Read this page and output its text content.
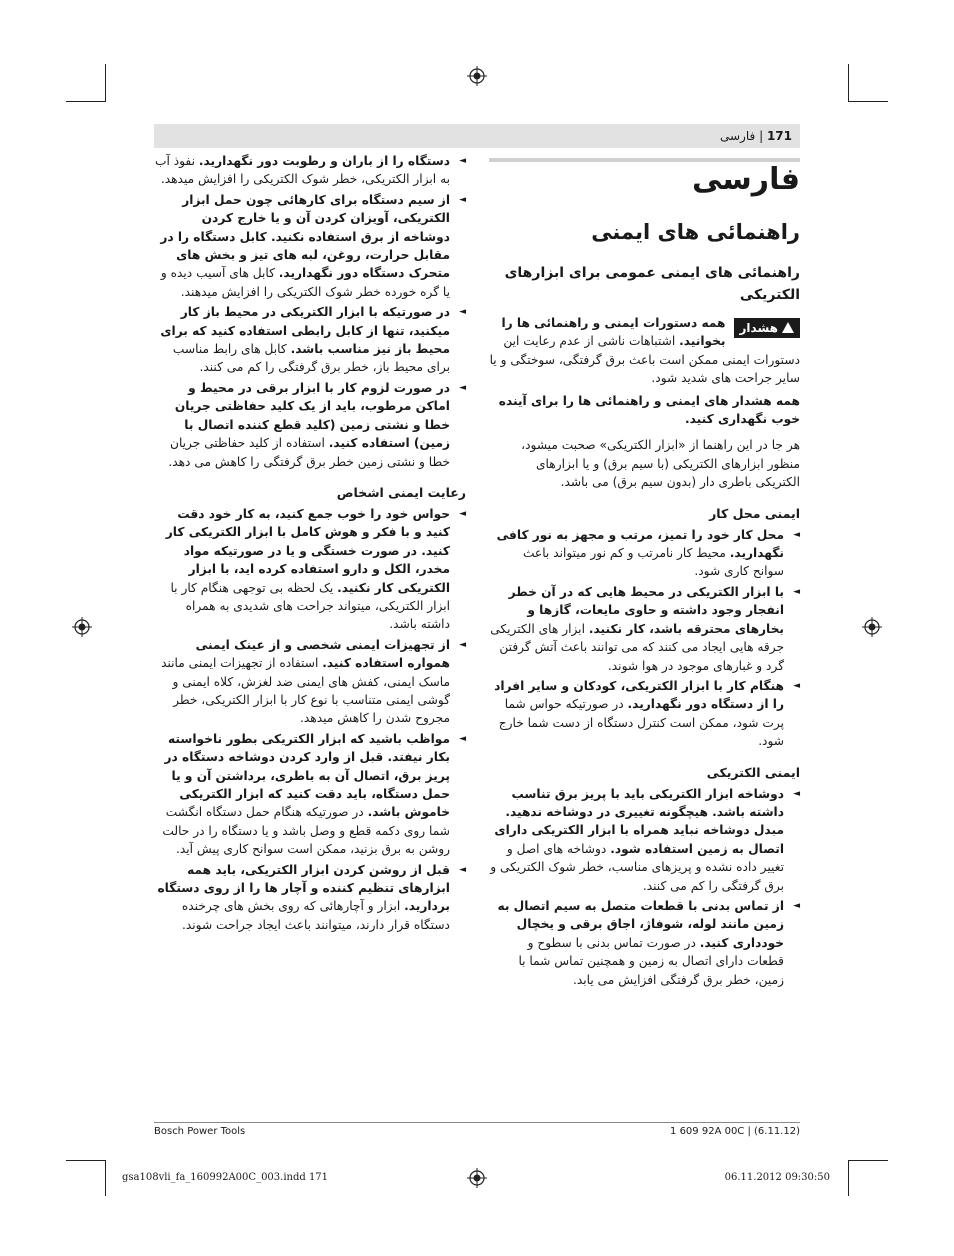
171 | فارسی
فارسی
راهنمائی های ایمنی
راهنمائی های ایمنی عمومی برای ابزارهای الکتریکی
هشدار
همه دستورات ایمنی و راهنمائی ها را بخوانید. اشتباهات ناشی از عدم رعایت این دستورات ایمنی ممکن است باعث برق گرفتگی، سوختگی و یا سایر جراحت های شدید شود.

همه هشدار های ایمنی و راهنمائی ها را برای آینده خوب نگهداری کنید.

هر جا در این راهنما از «ابزار الکتریکی» صحبت میشود، منظور ابزارهای الکتریکی (با سیم برق) و یا ابزارهای الکتریکی باطری دار (بدون سیم برق) می باشد.

ایمنی محل کار
◄ محل کار خود را تمیز، مرتب و مجهز به نور کافی نگهدارید. محیط کار نامرتب و کم نور میتواند باعث سوانح کاری شود.
◄ با ابزار الکتریکی در محیط هایی که در آن خطر انفجار وجود داشته و حاوی مایعات، گازها و بخارهای محترقه باشد، کار نکنید. ابزار های الکتریکی جرقه هایی ایجاد می کنند که می توانند باعث آتش گرفتن گرد و غبارهای موجود در هوا شوند.
◄ هنگام کار با ابزار الکتریکی، کودکان و سایر افراد را از دستگاه دور نگهدارید. در صورتیکه حواس شما پرت شود، ممکن است کنترل دستگاه از دست شما خارج شود.
ایمنی الکتریکی
◄ دوشاخه ابزار الکتریکی باید با پریز برق تناسب داشته باشد. هیچگونه تغییری در دوشاخه ندهید. مبدل دوشاخه نباید همراه با ابزار الکتریکی دارای اتصال به زمین استفاده شود. دوشاخه های اصل و تغییر داده نشده و پریزهای مناسب، خطر شوک الکتریکی و برق گرفتگی را کم می کنند.
◄ از تماس بدنی با قطعات متصل به سیم اتصال به زمین مانند لوله، شوفاژ، اجاق برقی و یخچال خودداری کنید. در صورت تماس بدنی با سطوح و قطعات دارای اتصال به زمین و همچنین تماس شما با زمین، خطر برق گرفتگی افزایش می یابد.
◄ دستگاه را از باران و رطوبت دور نگهدارید. نفوذ آب به ابزار الکتریکی، خطر شوک الکتریکی را افزایش میدهد.
◄ از سیم دستگاه برای کارهائی چون حمل ابزار الکتریکی، آویزان کردن آن و یا خارج کردن دوشاخه از برق استفاده نکنید. کابل دستگاه را در مقابل حرارت، روغن، لبه های تیز و بخش های متحرک دستگاه دور نگهدارید. کابل های آسیب دیده و یا گره خورده خطر شوک الکتریکی را افزایش میدهند.
◄ در صورتیکه با ابزار الکتریکی در محیط باز کار میکنید، تنها از کابل رابطی استفاده کنید که برای محیط باز نیز مناسب باشد. کابل های رابط مناسب برای محیط باز، خطر برق گرفتگی را کم می کنند.
◄ در صورت لزوم کار با ابزار برقی در محیط و اماکن مرطوب، باید از یک کلید حفاظتی جریان خطا و نشتی زمین (کلید قطع کننده اتصال با زمین) استفاده کنید. استفاده از کلید حفاظتی جریان خطا و نشتی زمین خطر برق گرفتگی را کاهش می دهد.
رعایت ایمنی اشخاص
◄ حواس خود را خوب جمع کنید، به کار خود دقت کنید و با فکر و هوش کامل با ابزار الکتریکی کار کنید. در صورت خستگی و یا در صورتیکه مواد مخدر، الکل و دارو استفاده کرده اید، با ابزار الکتریکی کار نکنید. یک لحظه بی توجهی هنگام کار با ابزار الکتریکی، میتواند جراحت های شدیدی به همراه داشته باشد.
◄ از تجهیزات ایمنی شخصی و از عینک ایمنی همواره استفاده کنید. استفاده از تجهیزات ایمنی مانند ماسک ایمنی، کفش های ایمنی ضد لغزش، کلاه ایمنی و گوشی ایمنی متناسب با نوع کار با ابزار الکتریکی، خطر مجروح شدن را کاهش میدهد.
◄ مواظب باشید که ابزار الکتریکی بطور ناخواسته بکار نیفتد. قبل از وارد کردن دوشاخه دستگاه در پریز برق، اتصال آن به باطری، برداشتن آن و یا حمل دستگاه، باید دقت کنید که ابزار الکتریکی خاموش باشد. در صورتیکه هنگام حمل دستگاه انگشت شما روی دکمه قطع و وصل باشد و یا دستگاه را در حالت روشن به برق بزنید، ممکن است سوانح کاری پیش آید.
◄ قبل از روشن کردن ابزار الکتریکی، باید همه ابزارهای تنظیم کننده و آچار ها را از روی دستگاه بردارید. ابزار و آچارهائی که روی بخش های چرخنده دستگاه قرار دارند، میتوانند باعث ایجاد جراحت شوند.
Bosch Power Tools	1 609 92A 00C | (6.11.12)
gsa108vli_fa_160992A00C_003.indd 171	06.11.2012 09:30:50
